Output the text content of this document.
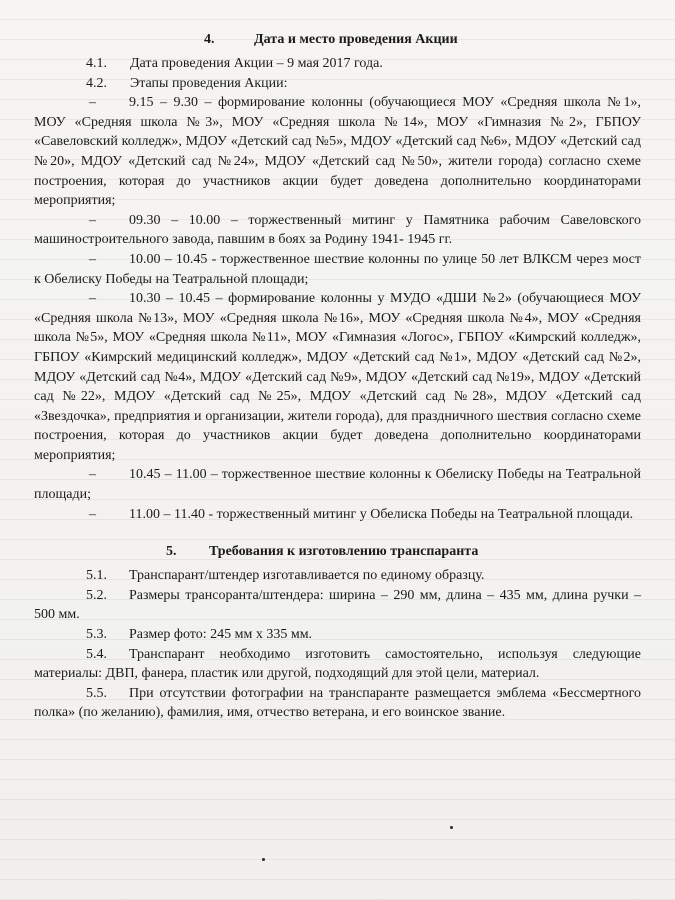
4.	Дата и место проведения Акции
4.1. Дата проведения Акции – 9 мая 2017 года.
4.2. Этапы проведения Акции:
–	9.15 – 9.30 – формирование колонны (обучающиеся МОУ «Средняя школа №1», МОУ «Средняя школа №3», МОУ «Средняя школа №14», МОУ «Гимназия №2», ГБПОУ «Савеловский колледж», МДОУ «Детский сад №5», МДОУ «Детский сад №6», МДОУ «Детский сад №20», МДОУ «Детский сад №24», МДОУ «Детский сад №50», жители города) согласно схеме построения, которая до участников акции будет доведена дополнительно координаторами мероприятия;

–	09.30 – 10.00 – торжественный митинг у Памятника рабочим Савеловского машиностроительного завода, павшим в боях за Родину 1941- 1945 гг.

–	10.00 – 10.45 - торжественное шествие колонны по улице 50 лет ВЛКСМ через мост к Обелиску Победы на Театральной площади;

–	10.30 – 10.45 – формирование колонны у МУДО «ДШИ №2» (обучающиеся МОУ «Средняя школа №13», МОУ «Средняя школа №16», МОУ «Средняя школа №4», МОУ «Средняя школа №5», МОУ «Средняя школа №11», МОУ «Гимназия «Логос», ГБПОУ «Кимрский колледж», ГБПОУ «Кимрский медицинский колледж», МДОУ «Детский сад №1», МДОУ «Детский сад №2», МДОУ «Детский сад №4», МДОУ «Детский сад №9», МДОУ «Детский сад №19», МДОУ «Детский сад №22», МДОУ «Детский сад №25», МДОУ «Детский сад №28», МДОУ «Детский сад «Звездочка», предприятия и организации, жители города), для праздничного шествия согласно схеме построения, которая до участников акции будет доведена дополнительно координаторами мероприятия;

–	10.45 – 11.00 – торжественное шествие колонны к Обелиску Победы на Театральной площади;

–	11.00 – 11.40 - торжественный митинг у Обелиска Победы на Театральной площади.

5. Требования к изготовлению транспаранта
5.1.	Транспарант/штендер изготавливается по единому образцу.

5.2.	Размеры трансоранта/штендера: ширина – 290 мм, длина – 435 мм, длина ручки – 500 мм.

5.3.	Размер фото: 245 мм х 335 мм.

5.4.	Транспарант необходимо изготовить самостоятельно, используя следующие материалы: ДВП, фанера, пластик или другой, подходящий для этой цели, материал.

5.5.	При отсутствии фотографии на транспаранте размещается эмблема «Бессмертного полка» (по желанию), фамилия, имя, отчество ветерана, и его воинское звание.
